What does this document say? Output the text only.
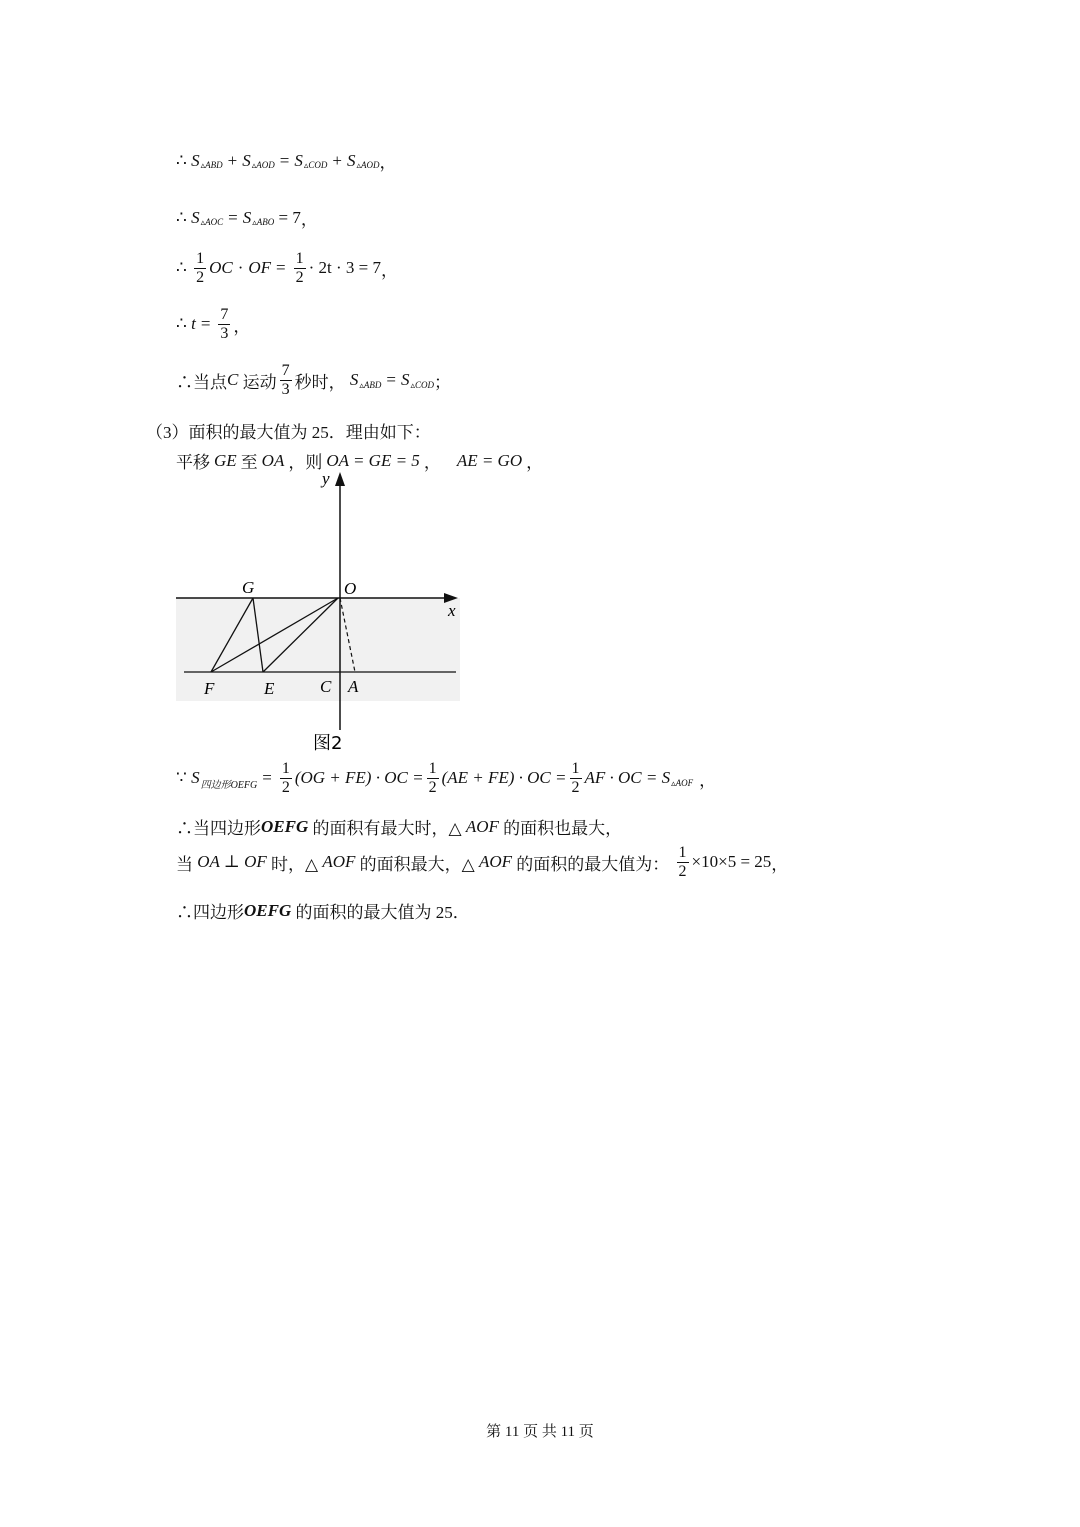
∴
S ▵ABD + S ▵AOD = S ▵COD + S ▵AOD ，
∴
S ▵AOC = S ▵ABO
= 7 ，
∴
$\frac{1}{2}$ OC · OF = $\frac{1}{2} \cdot 2t \cdot 3 = 7$ ，
∴
$t = \frac{7}{3}$ ，
∴当点 C
运动 $\frac{7}{3}$ 秒时，
S ▵ABD = S ▵COD ；
（3）面积的最大值为 25．理由如下：
平移 GE 至 OA ，则 OA = GE = 5 ， AE = GO ，
y
x
G	O
F	E	C A
图2
∵
S 四边形OEFG = $\frac{1}{2} (OG + FE)$
· OC = $\frac{1}{2} (AE + FE)$
· OC = $\frac{1}{2}$ AF · OC =
S ▵AOF ，
∴当四边形 OEFG
的面积有最大时，△
AOF
的面积也最大，
当
OA ⊥ OF
时，△
AOF
的面积最大，△
AOF
的面积的最大值为：
$\frac{1}{2} \times 10\times 5 = 25$ ，
∴四边形 OEFG
的面积的最大值为 25．
第 11 页 共 11 页
